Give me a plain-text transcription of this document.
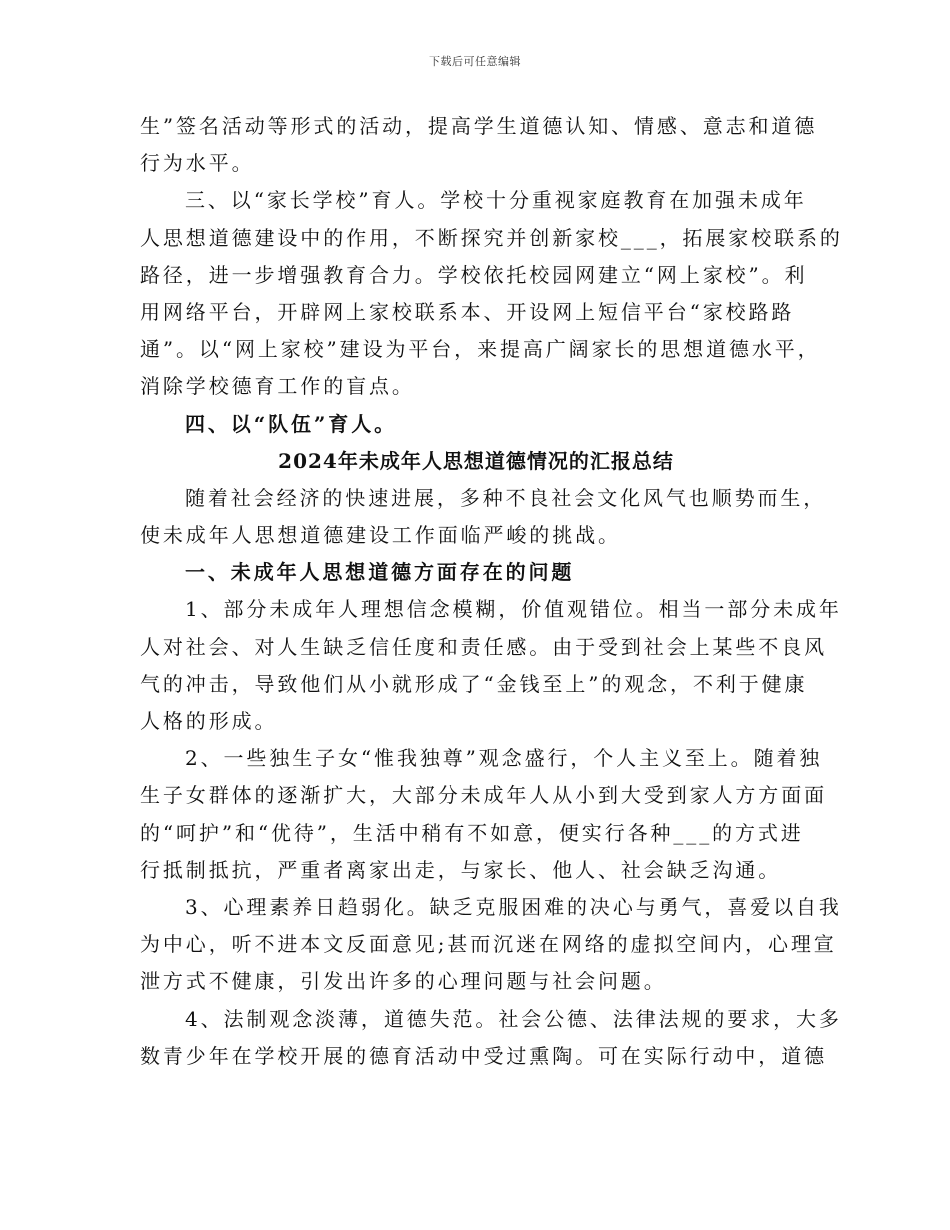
下载后可任意编辑
生”签名活动等形式的活动，提高学生道德认知、情感、意志和道德
行为水平。
三、以“家长学校”育人。学校十分重视家庭教育在加强未成年
人思想道德建设中的作用，不断探究并创新家校___，拓展家校联系的
路径，进一步增强教育合力。学校依托校园网建立“网上家校”。利
用网络平台，开辟网上家校联系本、开设网上短信平台“家校路路
通”。以“网上家校”建设为平台，来提高广阔家长的思想道德水平，
消除学校德育工作的盲点。
四、以“队伍”育人。
2024年未成年人思想道德情况的汇报总结
随着社会经济的快速进展，多种不良社会文化风气也顺势而生，
使未成年人思想道德建设工作面临严峻的挑战。
一、未成年人思想道德方面存在的问题
1、部分未成年人理想信念模糊，价值观错位。相当一部分未成年
人对社会、对人生缺乏信任度和责任感。由于受到社会上某些不良风
气的冲击，导致他们从小就形成了“金钱至上”的观念，不利于健康
人格的形成。
2、一些独生子女“惟我独尊”观念盛行，个人主义至上。随着独
生子女群体的逐渐扩大，大部分未成年人从小到大受到家人方方面面
的“呵护”和“优待”，生活中稍有不如意，便实行各种___的方式进
行抵制抵抗，严重者离家出走，与家长、他人、社会缺乏沟通。
3、心理素养日趋弱化。缺乏克服困难的决心与勇气，喜爱以自我
为中心，听不进本文反面意见;甚而沉迷在网络的虚拟空间内，心理宣
泄方式不健康，引发出许多的心理问题与社会问题。
4、法制观念淡薄，道德失范。社会公德、法律法规的要求，大多
数青少年在学校开展的德育活动中受过熏陶。可在实际行动中，道德
